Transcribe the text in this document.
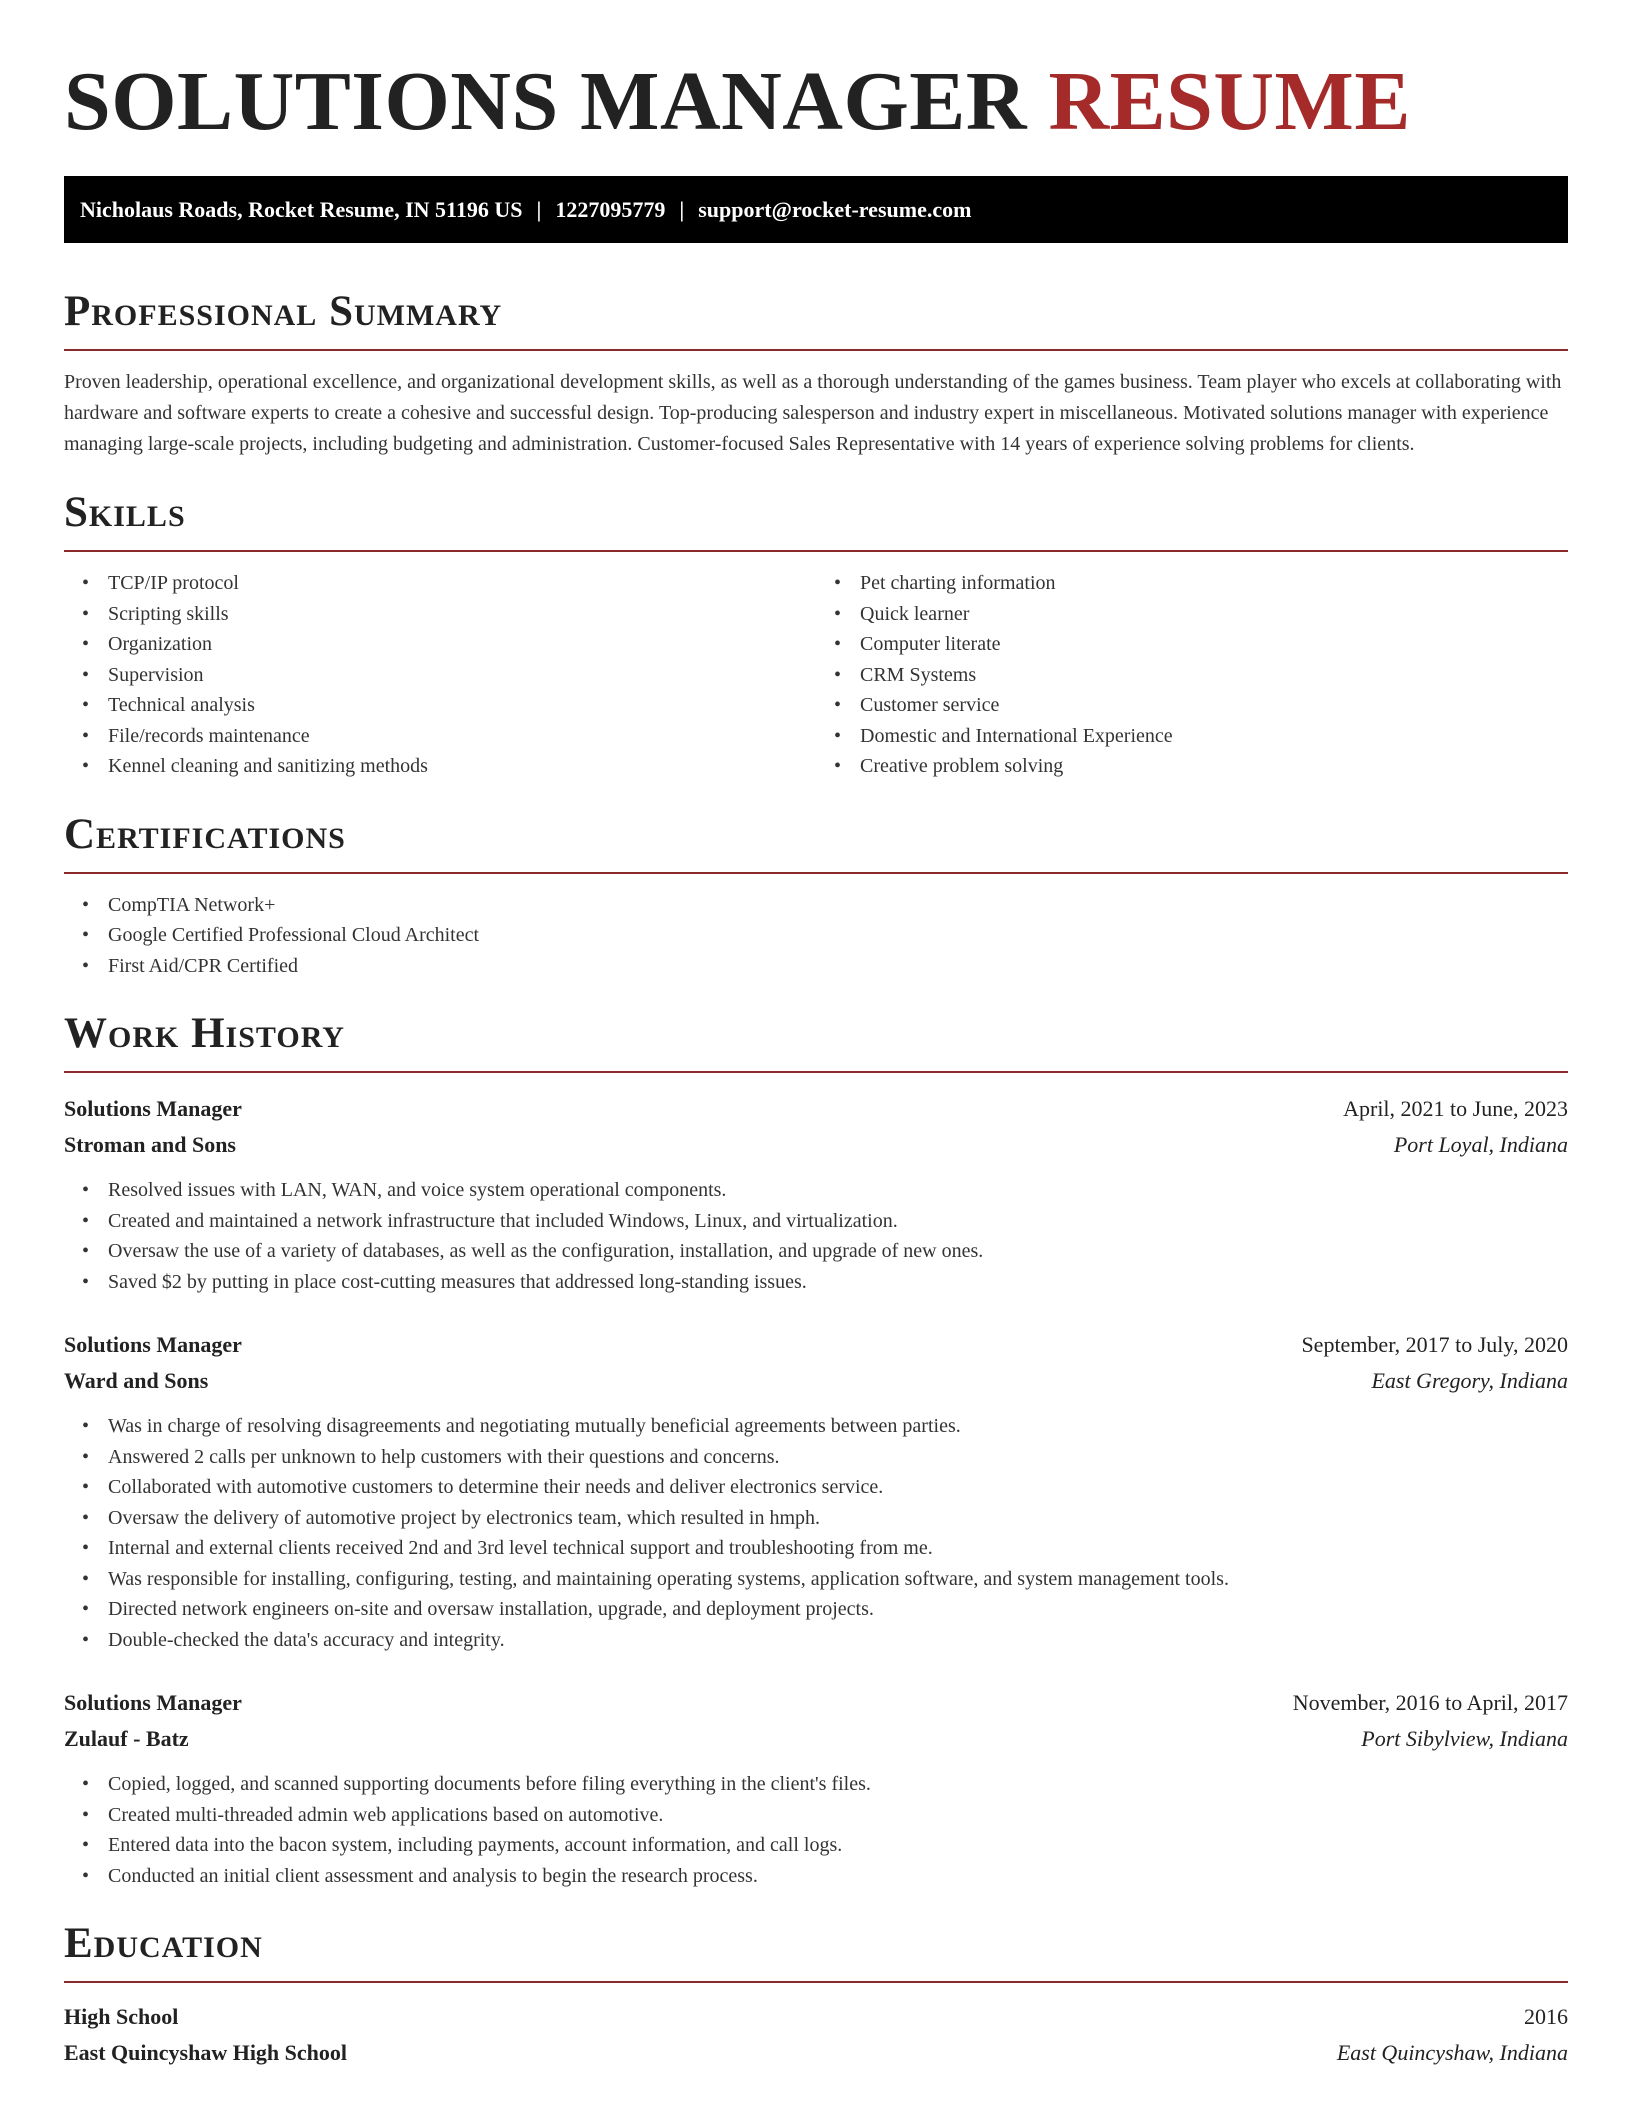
SOLUTIONS MANAGER RESUME
Nicholaus Roads, Rocket Resume, IN 51196 US | 1227095779 | support@rocket-resume.com
Professional Summary

Proven leadership, operational excellence, and organizational development skills, as well as a thorough understanding of the games business. Team player who excels at collaborating with hardware and software experts to create a cohesive and successful design. Top-producing salesperson and industry expert in miscellaneous. Motivated solutions manager with experience managing large-scale projects, including budgeting and administration. Customer-focused Sales Representative with 14 years of experience solving problems for clients.

Skills
• TCP/IP protocol
• Scripting skills
• Organization
• Supervision
• Technical analysis
• File/records maintenance
• Kennel cleaning and sanitizing methods
• Pet charting information
• Quick learner
• Computer literate
• CRM Systems
• Customer service
• Domestic and International Experience
• Creative problem solving
Certifications
• CompTIA Network+
• Google Certified Professional Cloud Architect
• First Aid/CPR Certified
Work History
Solutions Manager	April, 2021 to June, 2023
Stroman and Sons	Port Loyal, Indiana
• Resolved issues with LAN, WAN, and voice system operational components.
• Created and maintained a network infrastructure that included Windows, Linux, and virtualization.
• Oversaw the use of a variety of databases, as well as the configuration, installation, and upgrade of new ones.
• Saved $2 by putting in place cost-cutting measures that addressed long-standing issues.
Solutions Manager	September, 2017 to July, 2020
Ward and Sons	East Gregory, Indiana
• Was in charge of resolving disagreements and negotiating mutually beneficial agreements between parties.
• Answered 2 calls per unknown to help customers with their questions and concerns.
• Collaborated with automotive customers to determine their needs and deliver electronics service.
• Oversaw the delivery of automotive project by electronics team, which resulted in hmph.
• Internal and external clients received 2nd and 3rd level technical support and troubleshooting from me.
• Was responsible for installing, configuring, testing, and maintaining operating systems, application software, and system management tools.
• Directed network engineers on-site and oversaw installation, upgrade, and deployment projects.
• Double-checked the data's accuracy and integrity.
Solutions Manager	November, 2016 to April, 2017
Zulauf - Batz	Port Sibylview, Indiana
• Copied, logged, and scanned supporting documents before filing everything in the client's files.
• Created multi-threaded admin web applications based on automotive.
• Entered data into the bacon system, including payments, account information, and call logs.
• Conducted an initial client assessment and analysis to begin the research process.
Education
High School	2016
East Quincyshaw High School	East Quincyshaw, Indiana
